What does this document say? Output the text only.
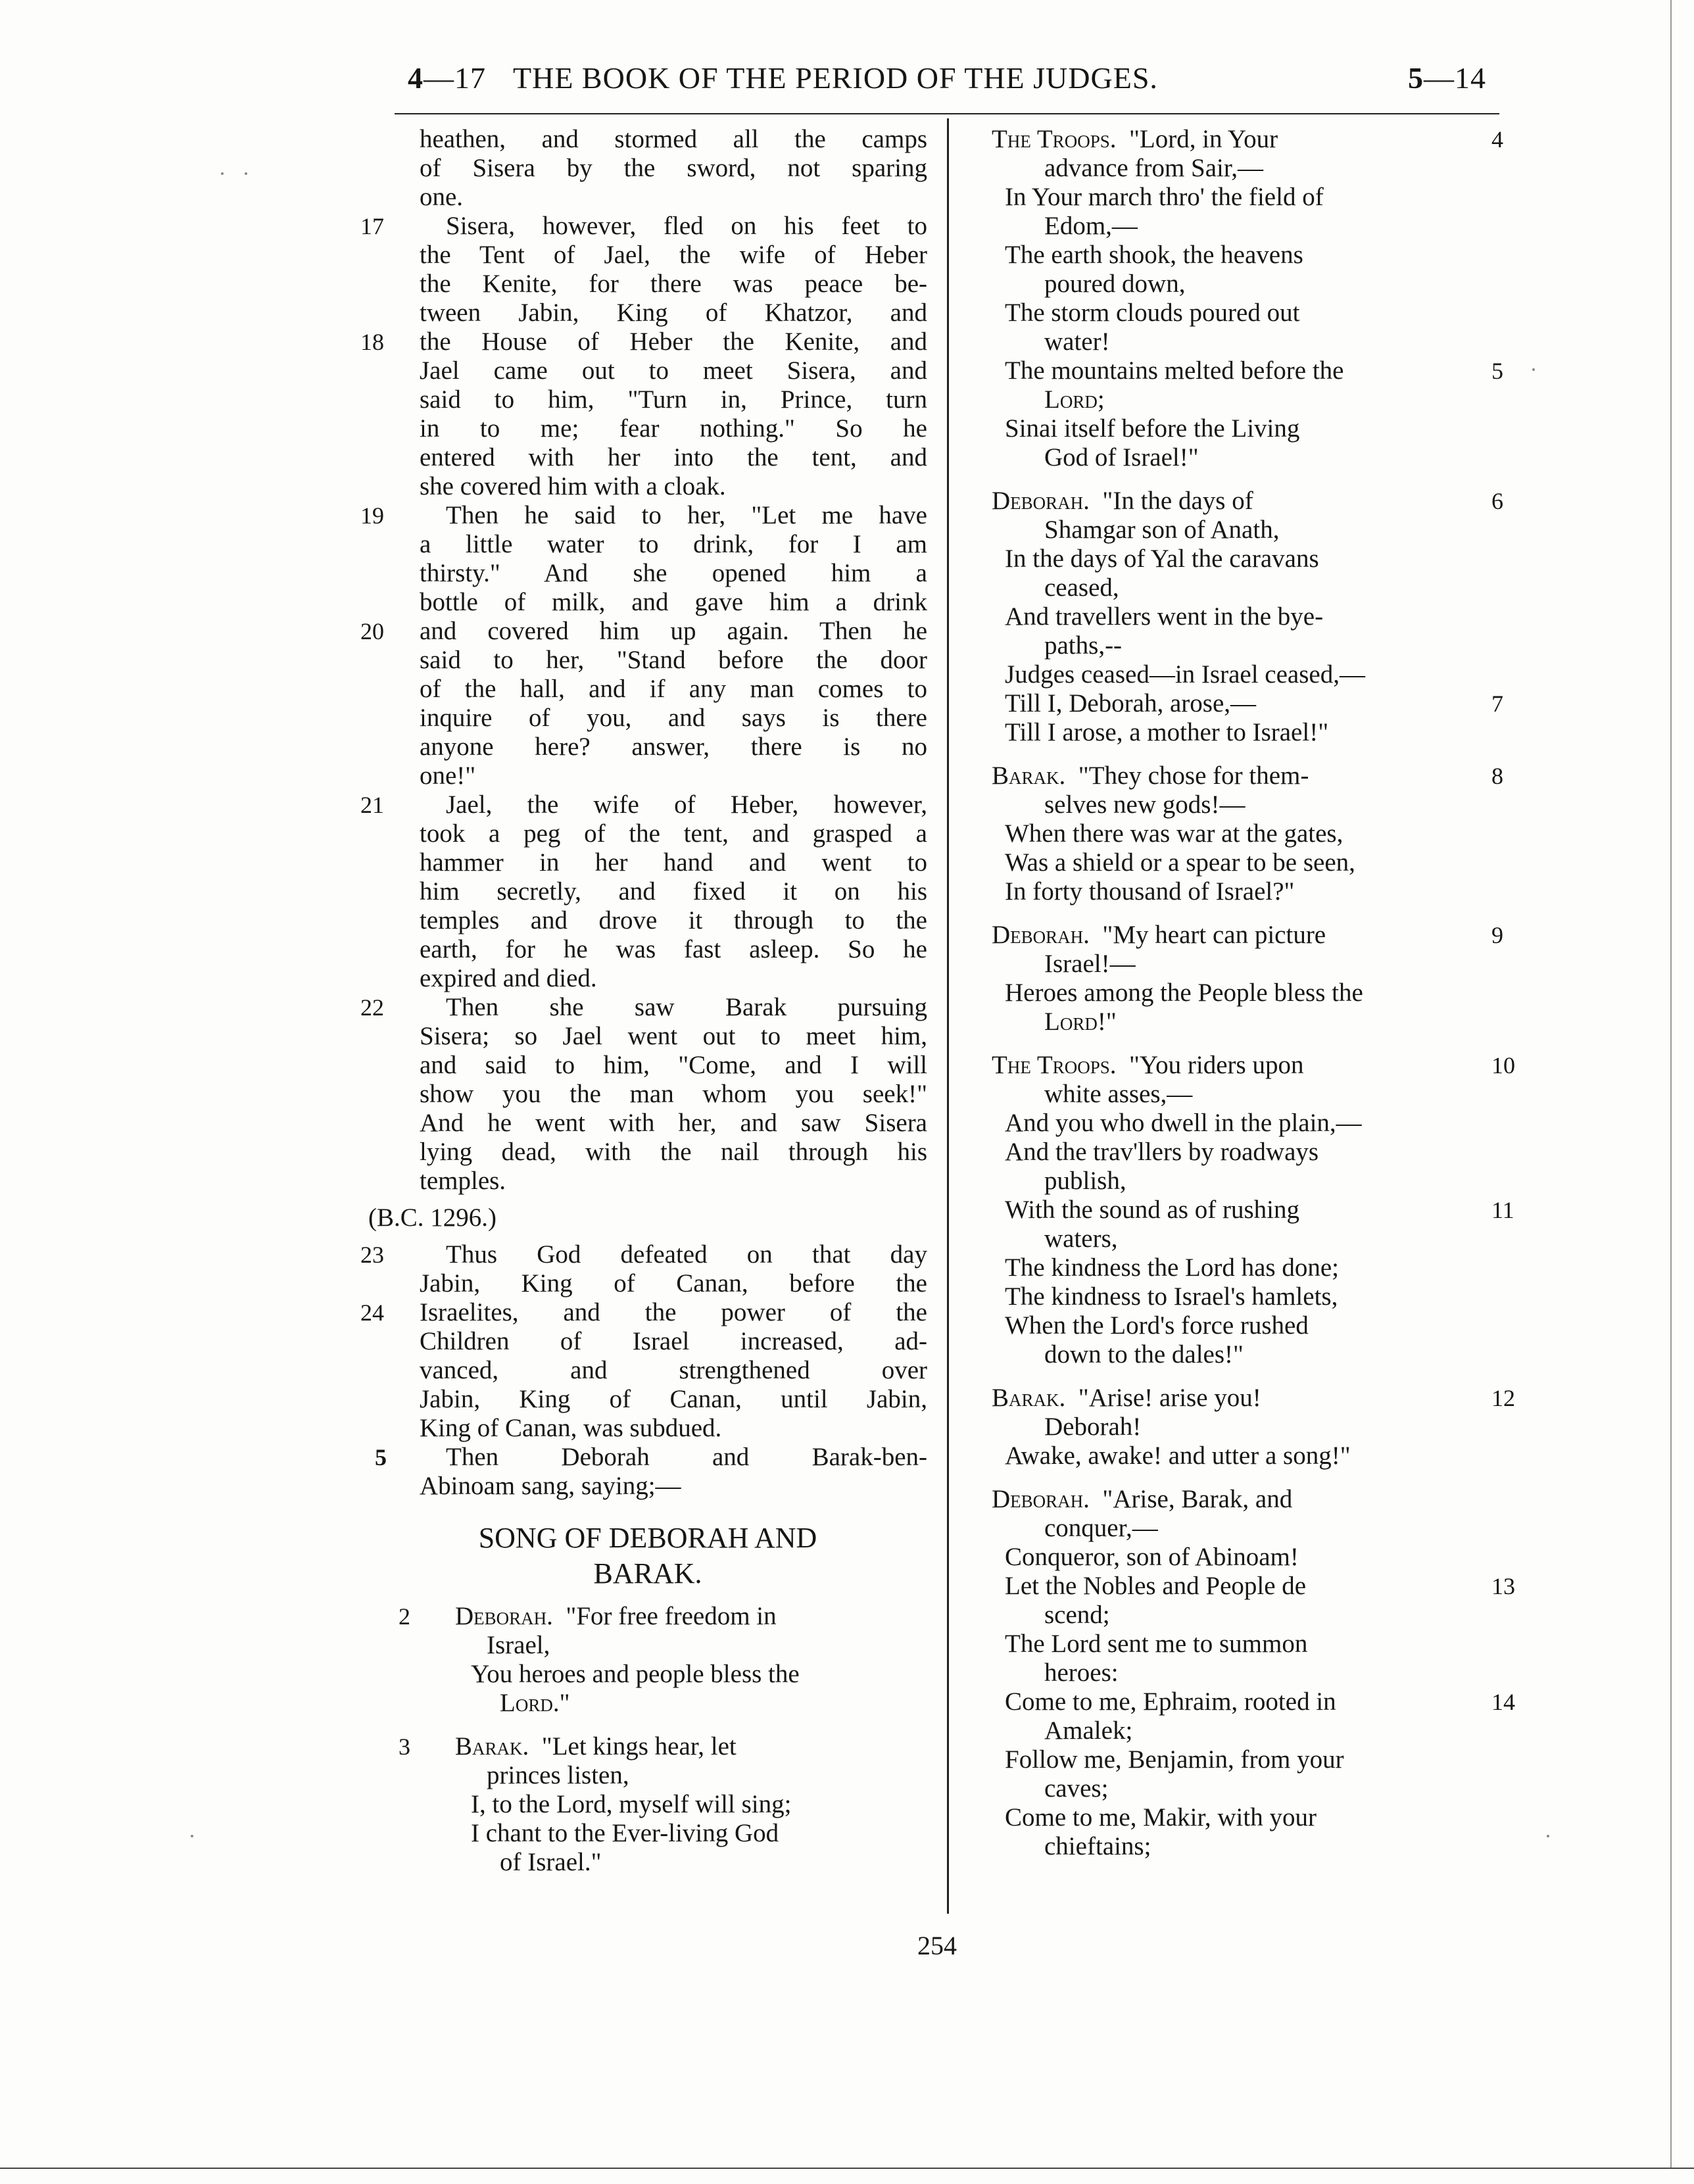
4—17 THE BOOK OF THE PERIOD OF THE JUDGES.	5—14
heathen, and stormed all the camps
of Sisera by the sword, not sparing
one.
17	Sisera, however, fled on his feet to
the Tent of Jael, the wife of Heber
the Kenite, for there was peace be-
tween Jabin, King of Khatzor, and
18	the House of Heber the Kenite, and
Jael came out to meet Sisera, and
said to him, "Turn in, Prince, turn
in to me; fear nothing." So he
entered with her into the tent, and
she covered him with a cloak.
19	Then he said to her, "Let me have
a little water to drink, for I am
thirsty." And she opened him a
bottle of milk, and gave him a drink
20	and covered him up again. Then he
said to her, "Stand before the door
of the hall, and if any man comes to
inquire of you, and says is there
anyone here? answer, there is no
one!"
21	Jael, the wife of Heber, however,
took a peg of the tent, and grasped a
hammer in her hand and went to
him secretly, and fixed it on his
temples and drove it through to the
earth, for he was fast asleep. So he
expired and died.
22	Then she saw Barak pursuing
Sisera; so Jael went out to meet him,
and said to him, "Come, and I will
show you the man whom you seek!"
And he went with her, and saw Sisera
lying dead, with the nail through his
temples.
(B.C. 1296.)
23	Thus God defeated on that day
Jabin, King of Canan, before the
24	Israelites, and the power of the
Children of Israel increased, ad-
vanced, and strengthened over
Jabin, King of Canan, until Jabin,
King of Canan, was subdued.
5	Then Deborah and Barak-ben-
Abinoam sang, saying;—
SONG OF DEBORAH AND
BARAK.
2	Deborah. "For free freedom in
Israel,
You heroes and people bless the
Lord."
3	Barak. "Let kings hear, let
princes listen,
I, to the Lord, myself will sing;
I chant to the Ever-living God
of Israel."
The Troops. "Lord, in Your	4
advance from Sair,—
In Your march thro' the field of
Edom,—
The earth shook, the heavens
poured down,
The storm clouds poured out
water!
The mountains melted before the	5
Lord;
Sinai itself before the Living
God of Israel!"
Deborah. "In the days of	6
Shamgar son of Anath,
In the days of Yal the caravans
ceased,
And travellers went in the bye-
paths,--
Judges ceased—in Israel ceased,—
Till I, Deborah, arose,—	7
Till I arose, a mother to Israel!"
Barak. "They chose for them-	8
selves new gods!—
When there was war at the gates,
Was a shield or a spear to be seen,
In forty thousand of Israel?"
Deborah. "My heart can picture	9
Israel!—
Heroes among the People bless the
Lord!"
The Troops. "You riders upon	10
white asses,—
And you who dwell in the plain,—
And the trav'llers by roadways
publish,
With the sound as of rushing	11
waters,
The kindness the Lord has done;
The kindness to Israel's hamlets,
When the Lord's force rushed
down to the dales!"
Barak. "Arise! arise you!	12
Deborah!
Awake, awake! and utter a song!"
Deborah. "Arise, Barak, and
conquer,—
Conqueror, son of Abinoam!
Let the Nobles and People de	13
scend;
The Lord sent me to summon
heroes:
Come to me, Ephraim, rooted in	14
Amalek;
Follow me, Benjamin, from your
caves;
Come to me, Makir, with your
chieftains;
254
